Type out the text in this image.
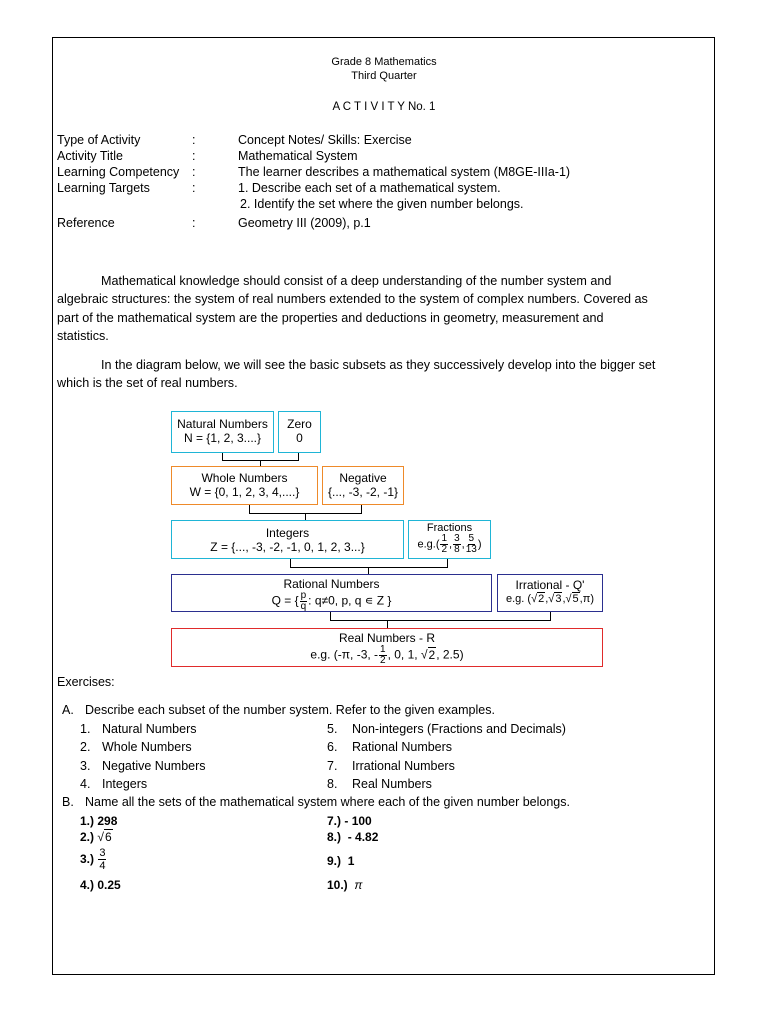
Grade 8 Mathematics
Third Quarter
A C T I V I T Y No. 1
Type of Activity	:	Concept Notes/ Skills: Exercise
Activity Title	:	Mathematical System
Learning Competency :	The learner describes a mathematical system (M8GE-IIIa-1)
Learning Targets	:	1. Describe each set of a mathematical system.
2. Identify the set where the given number belongs.
Reference	:	Geometry III (2009), p.1
Mathematical knowledge should consist of a deep understanding of the number system and
algebraic structures: the system of real numbers extended to the system of complex numbers. Covered as
part of the mathematical system are the properties and deductions in geometry, measurement and
statistics.
In the diagram below, we will see the basic subsets as they successively develop into the bigger set
which is the set of real numbers.
Natural Numbers
N = {1, 2, 3....}
Zero
0
Whole Numbers
W = {0, 1, 2, 3, 4,....}
Negative
{..., -3, -2, -1}
Integers
Z = {..., -3, -2, -1, 0, 1, 2, 3...}
Fractions
$e.g.( \frac{1}{2}$ , $\frac{3}{8}$ , $\frac{5}{13}$ )
Rational Numbers
Q = { $\frac{p}{q}$ : q≠0, p, q ∊ Z }
Irrational - Q'
e.g. (√2,√3,√5,π)
Real Numbers - R
e.g. (-π, -3, - $\frac{1}{2}$ , 0, 1, √2, 2.5)
Exercises:
A. Describe each subset of the number system. Refer to the given examples.
1. Natural Numbers
2. Whole Numbers
3. Negative Numbers
4. Integers
5. Non-integers (Fractions and Decimals)
6. Rational Numbers
7. Irrational Numbers
8. Real Numbers
B. Name all the sets of the mathematical system where each of the given number belongs.
1.) 298
2.) √6
$3.) \frac{3}{4}$
4.) 0.25
7.) - 100
8.) - 4.82
9.) 1
10.) π
